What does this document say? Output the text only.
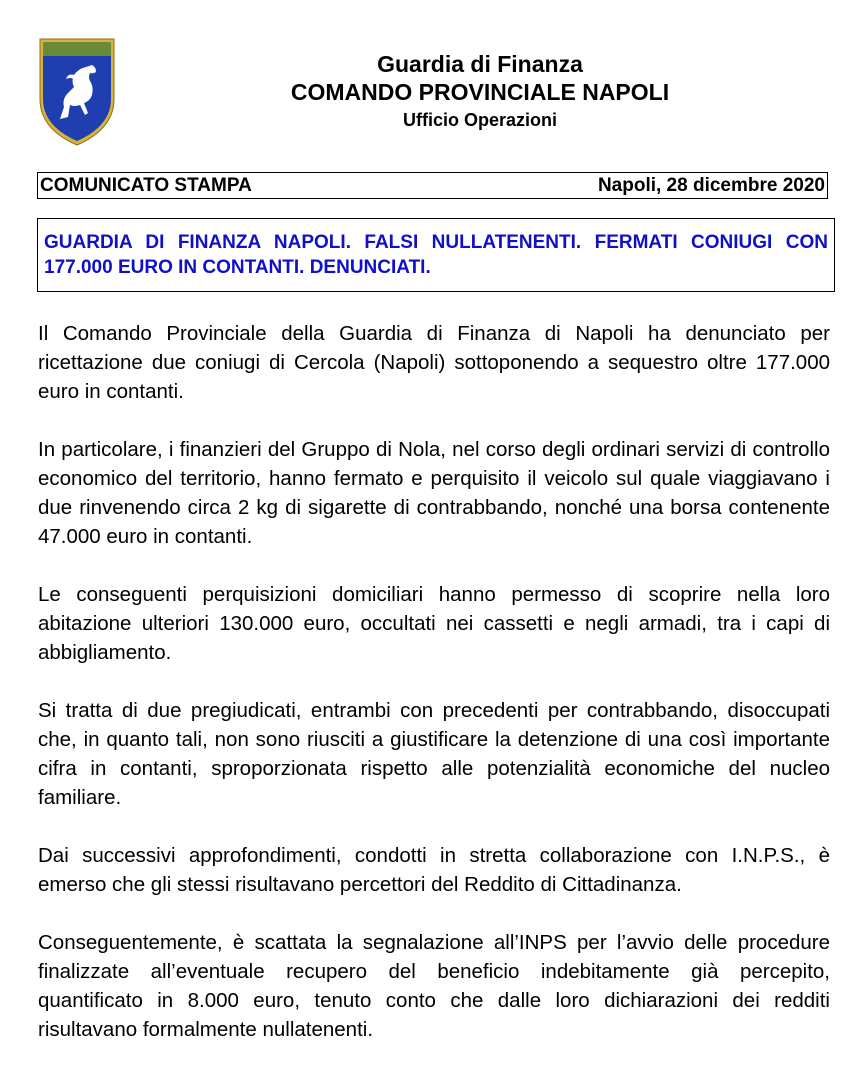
Guardia di Finanza
COMANDO PROVINCIALE NAPOLI
Ufficio Operazioni
COMUNICATO STAMPA	Napoli, 28 dicembre 2020

GUARDIA DI FINANZA NAPOLI. FALSI NULLATENENTI. FERMATI CONIUGI CON 177.000 EURO IN CONTANTI. DENUNCIATI.

Il Comando Provinciale della Guardia di Finanza di Napoli ha denunciato per ricettazione due coniugi di Cercola (Napoli) sottoponendo a sequestro oltre 177.000 euro in contanti.

In particolare, i finanzieri del Gruppo di Nola, nel corso degli ordinari servizi di controllo economico del territorio, hanno fermato e perquisito il veicolo sul quale viaggiavano i due rinvenendo circa 2 kg di sigarette di contrabbando, nonché una borsa contenente 47.000 euro in contanti.

Le conseguenti perquisizioni domiciliari hanno permesso di scoprire nella loro abitazione ulteriori 130.000 euro, occultati nei cassetti e negli armadi, tra i capi di abbigliamento.

Si tratta di due pregiudicati, entrambi con precedenti per contrabbando, disoccupati che, in quanto tali, non sono riusciti a giustificare la detenzione di una così importante cifra in contanti, sproporzionata rispetto alle potenzialità economiche del nucleo familiare.

Dai successivi approfondimenti, condotti in stretta collaborazione con I.N.P.S., è emerso che gli stessi risultavano percettori del Reddito di Cittadinanza.

Conseguentemente, è scattata la segnalazione all’INPS per l’avvio delle procedure finalizzate all’eventuale recupero del beneficio indebitamente già percepito, quantificato in 8.000 euro, tenuto conto che dalle loro dichiarazioni dei redditi risultavano formalmente nullatenenti.
